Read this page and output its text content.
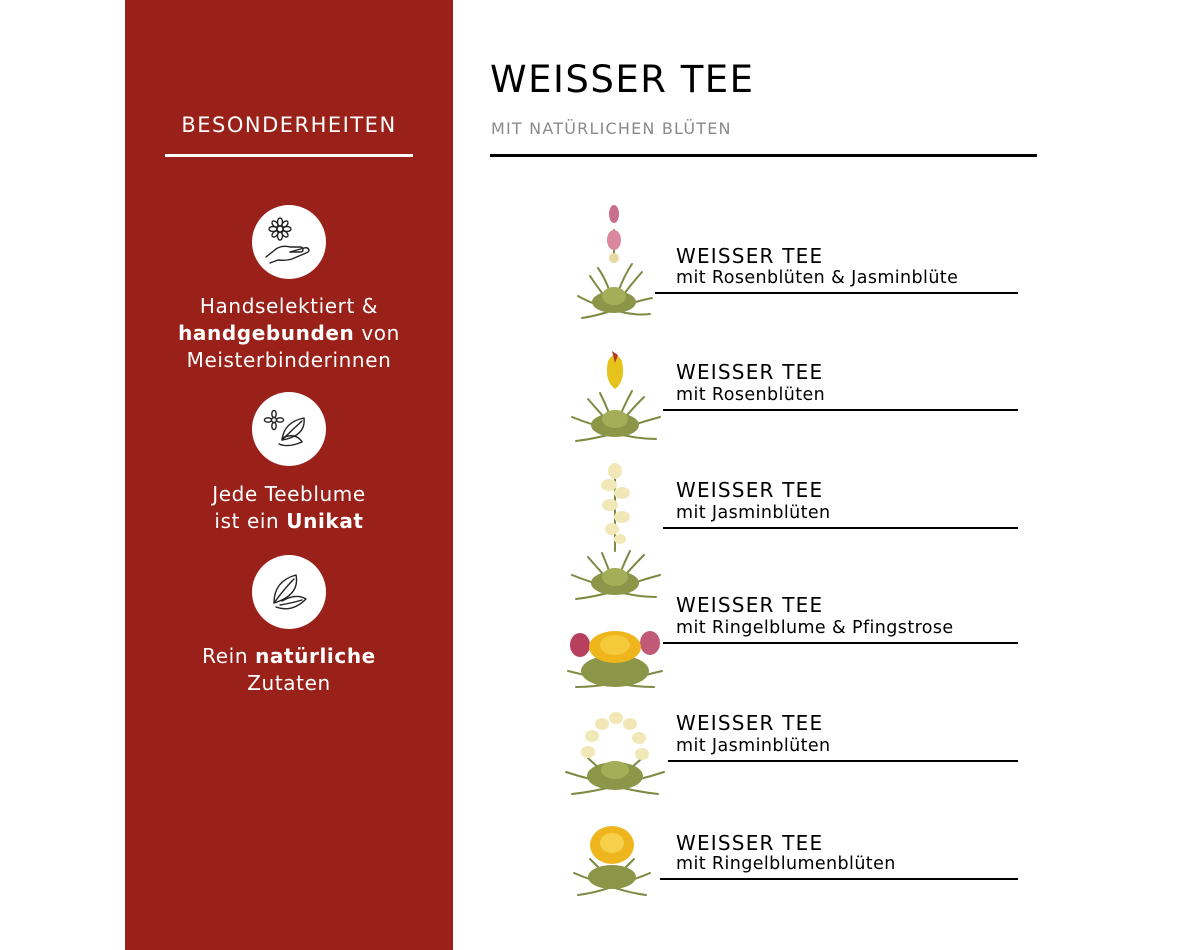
BESONDERHEITEN
Handselektiert &
handgebunden von
Meisterbinderinnen
Jede Teeblume
ist ein Unikat
Rein natürliche
Zutaten
WEISSER TEE
MIT NATÜRLICHEN BLÜTEN
WEISSER TEE
mit Rosenblüten & Jasminblüte
WEISSER TEE
mit Rosenblüten
WEISSER TEE
mit Jasminblüten
WEISSER TEE
mit Ringelblume & Pfingstrose
WEISSER TEE
mit Jasminblüten
WEISSER TEE
mit Ringelblumenblüten
